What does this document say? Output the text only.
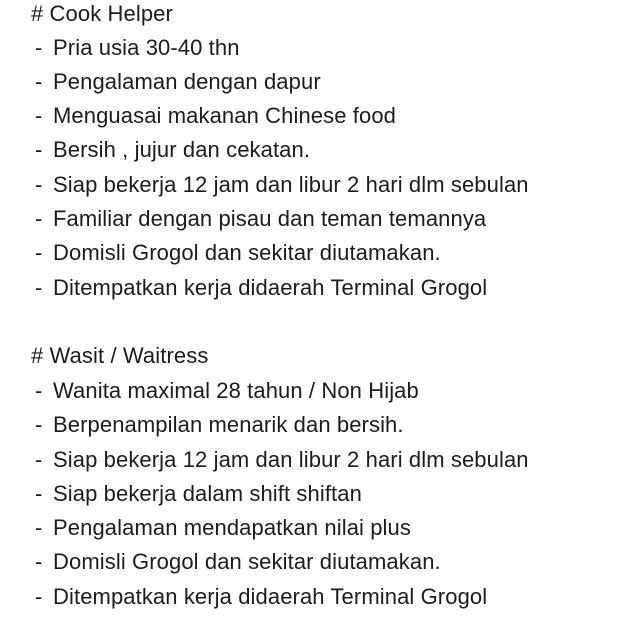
# Cook Helper
- Pria usia 30-40 thn
- Pengalaman dengan dapur
- Menguasai makanan Chinese food
- Bersih , jujur dan cekatan.
- Siap bekerja 12 jam dan libur 2 hari dlm sebulan
- Familiar dengan pisau dan teman temannya
- Domisli Grogol dan sekitar diutamakan.
- Ditempatkan kerja didaerah Terminal Grogol
# Wasit / Waitress
- Wanita maximal 28 tahun / Non Hijab
- Berpenampilan menarik dan bersih.
- Siap bekerja 12 jam dan libur 2 hari dlm sebulan
- Siap bekerja dalam shift shiftan
- Pengalaman mendapatkan nilai plus
- Domisli Grogol dan sekitar diutamakan.
- Ditempatkan kerja didaerah Terminal Grogol
